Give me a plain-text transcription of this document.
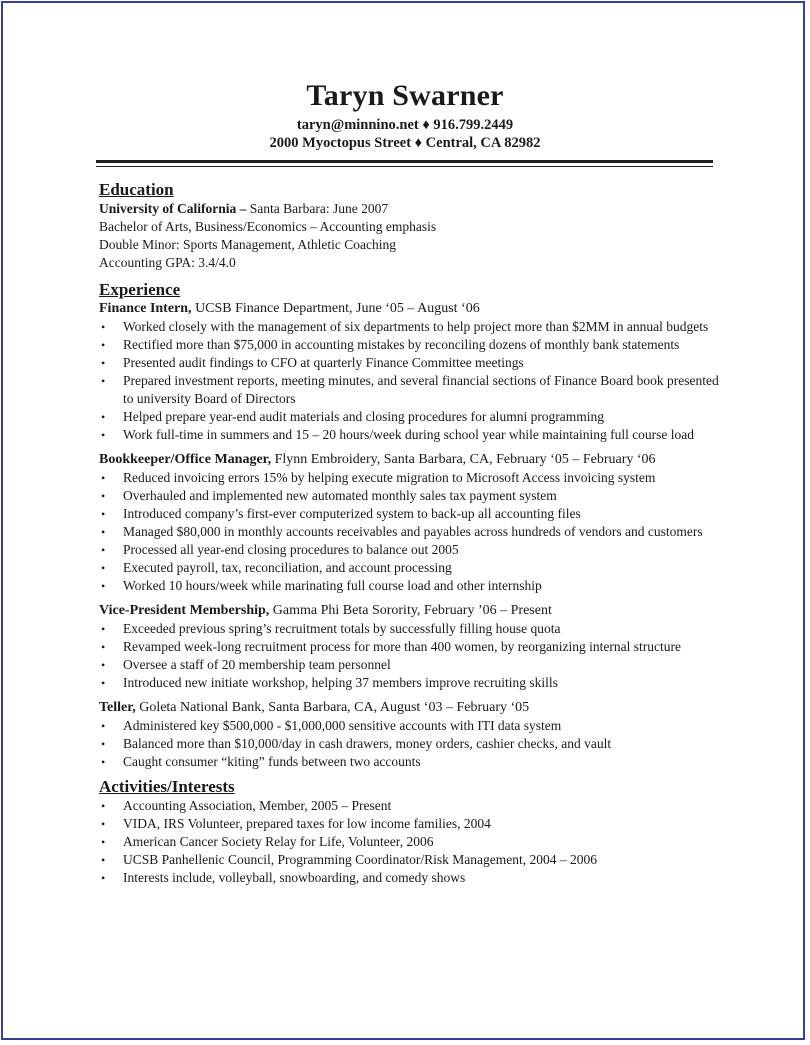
Taryn Swarner
taryn@minnino.net ♦ 916.799.2449
2000 Myoctopus Street ♦ Central, CA 82982
Education
University of California – Santa Barbara: June 2007
Bachelor of Arts, Business/Economics – Accounting emphasis
Double Minor: Sports Management, Athletic Coaching
Accounting GPA: 3.4/4.0
Experience
Finance Intern, UCSB Finance Department, June ‘05 – August ‘06
• Worked closely with the management of six departments to help project more than $2MM in annual budgets
• Rectified more than $75,000 in accounting mistakes by reconciling dozens of monthly bank statements
• Presented audit findings to CFO at quarterly Finance Committee meetings
• Prepared investment reports, meeting minutes, and several financial sections of Finance Board book presented to university Board of Directors
• Helped prepare year-end audit materials and closing procedures for alumni programming
• Work full-time in summers and 15 – 20 hours/week during school year while maintaining full course load
Bookkeeper/Office Manager, Flynn Embroidery, Santa Barbara, CA, February ‘05 – February ‘06
• Reduced invoicing errors 15% by helping execute migration to Microsoft Access invoicing system
• Overhauled and implemented new automated monthly sales tax payment system
• Introduced company’s first-ever computerized system to back-up all accounting files
• Managed $80,000 in monthly accounts receivables and payables across hundreds of vendors and customers
• Processed all year-end closing procedures to balance out 2005
• Executed payroll, tax, reconciliation, and account processing
• Worked 10 hours/week while marinating full course load and other internship
Vice-President Membership, Gamma Phi Beta Sorority, February ’06 – Present
• Exceeded previous spring’s recruitment totals by successfully filling house quota
• Revamped week-long recruitment process for more than 400 women, by reorganizing internal structure
• Oversee a staff of 20 membership team personnel
• Introduced new initiate workshop, helping 37 members improve recruiting skills
Teller, Goleta National Bank, Santa Barbara, CA, August ‘03 – February ‘05
• Administered key $500,000 - $1,000,000 sensitive accounts with ITI data system
• Balanced more than $10,000/day in cash drawers, money orders, cashier checks, and vault
• Caught consumer “kiting” funds between two accounts
Activities/Interests
• Accounting Association, Member, 2005 – Present
• VIDA, IRS Volunteer, prepared taxes for low income families, 2004
• American Cancer Society Relay for Life, Volunteer, 2006
• UCSB Panhellenic Council, Programming Coordinator/Risk Management, 2004 – 2006
• Interests include, volleyball, snowboarding, and comedy shows
